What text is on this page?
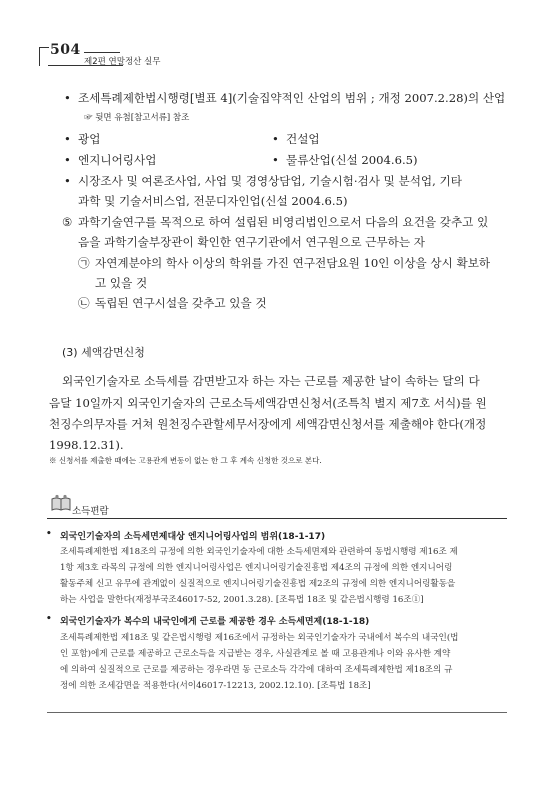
504
제2편 연말정산 실무
• 조세특례제한법시행령[별표 4](기술집약적인 산업의 범위 ; 개정 2007.2.28)의 산업
☞ 뒷면 유첨[참고서류] 참조
• 광업	• 건설업
• 엔지니어링사업	• 물류산업(신설 2004.6.5)
• 시장조사 및 여론조사업, 사업 및 경영상담업, 기술시험·검사 및 분석업, 기타
과학 및 기술서비스업, 전문디자인업(신설 2004.6.5)
⑤ 과학기술연구를 목적으로 하여 설립된 비영리법인으로서 다음의 요건을 갖추고 있
음을 과학기술부장관이 확인한 연구기관에서 연구원으로 근무하는 자
㉠ 자연계분야의 학사 이상의 학위를 가진 연구전담요원 10인 이상을 상시 확보하
고 있을 것
㉡ 독립된 연구시설을 갖추고 있을 것
(3) 세액감면신청
외국인기술자로 소득세를 감면받고자 하는 자는 근로를 제공한 날이 속하는 달의 다
음달 10일까지 외국인기술자의 근로소득세액감면신청서(조특칙 별지 제7호 서식)를 원
천징수의무자를 거쳐 원천징수관할세무서장에게 세액감면신청서를 제출해야 한다(개정
1998.12.31).
※ 신청서를 제출한 때에는 고용관계 변동이 없는 한 그 후 계속 신청한 것으로 본다.
소득편람
• 외국인기술자의 소득세면제대상 엔지니어링사업의 범위(18-1-17)
조세특례제한법 제18조의 규정에 의한 외국인기술자에 대한 소득세면제와 관련하여 동법시행령 제16조 제
1항 제3호 라목의 규정에 의한 엔지니어링사업은 엔지니어링기술진흥법 제4조의 규정에 의한 엔지니어링
활동주체 신고 유무에 관계없이 실질적으로 엔지니어링기술진흥법 제2조의 규정에 의한 엔지니어링활동을
하는 사업을 말한다(재정부국조46017-52, 2001.3.28). [조특법 18조 및 같은법시행령 16조①]
• 외국인기술자가 복수의 내국인에게 근로를 제공한 경우 소득세면제(18-1-18)
조세특례제한법 제18조 및 같은법시행령 제16조에서 규정하는 외국인기술자가 국내에서 복수의 내국인(법
인 포함)에게 근로를 제공하고 근로소득을 지급받는 경우, 사실관계로 볼 때 고용관계나 이와 유사한 계약
에 의하여 실질적으로 근로를 제공하는 경우라면 동 근로소득 각각에 대하여 조세특례제한법 제18조의 규
정에 의한 조세감면을 적용한다(서이46017-12213, 2002.12.10). [조특법 18조]
